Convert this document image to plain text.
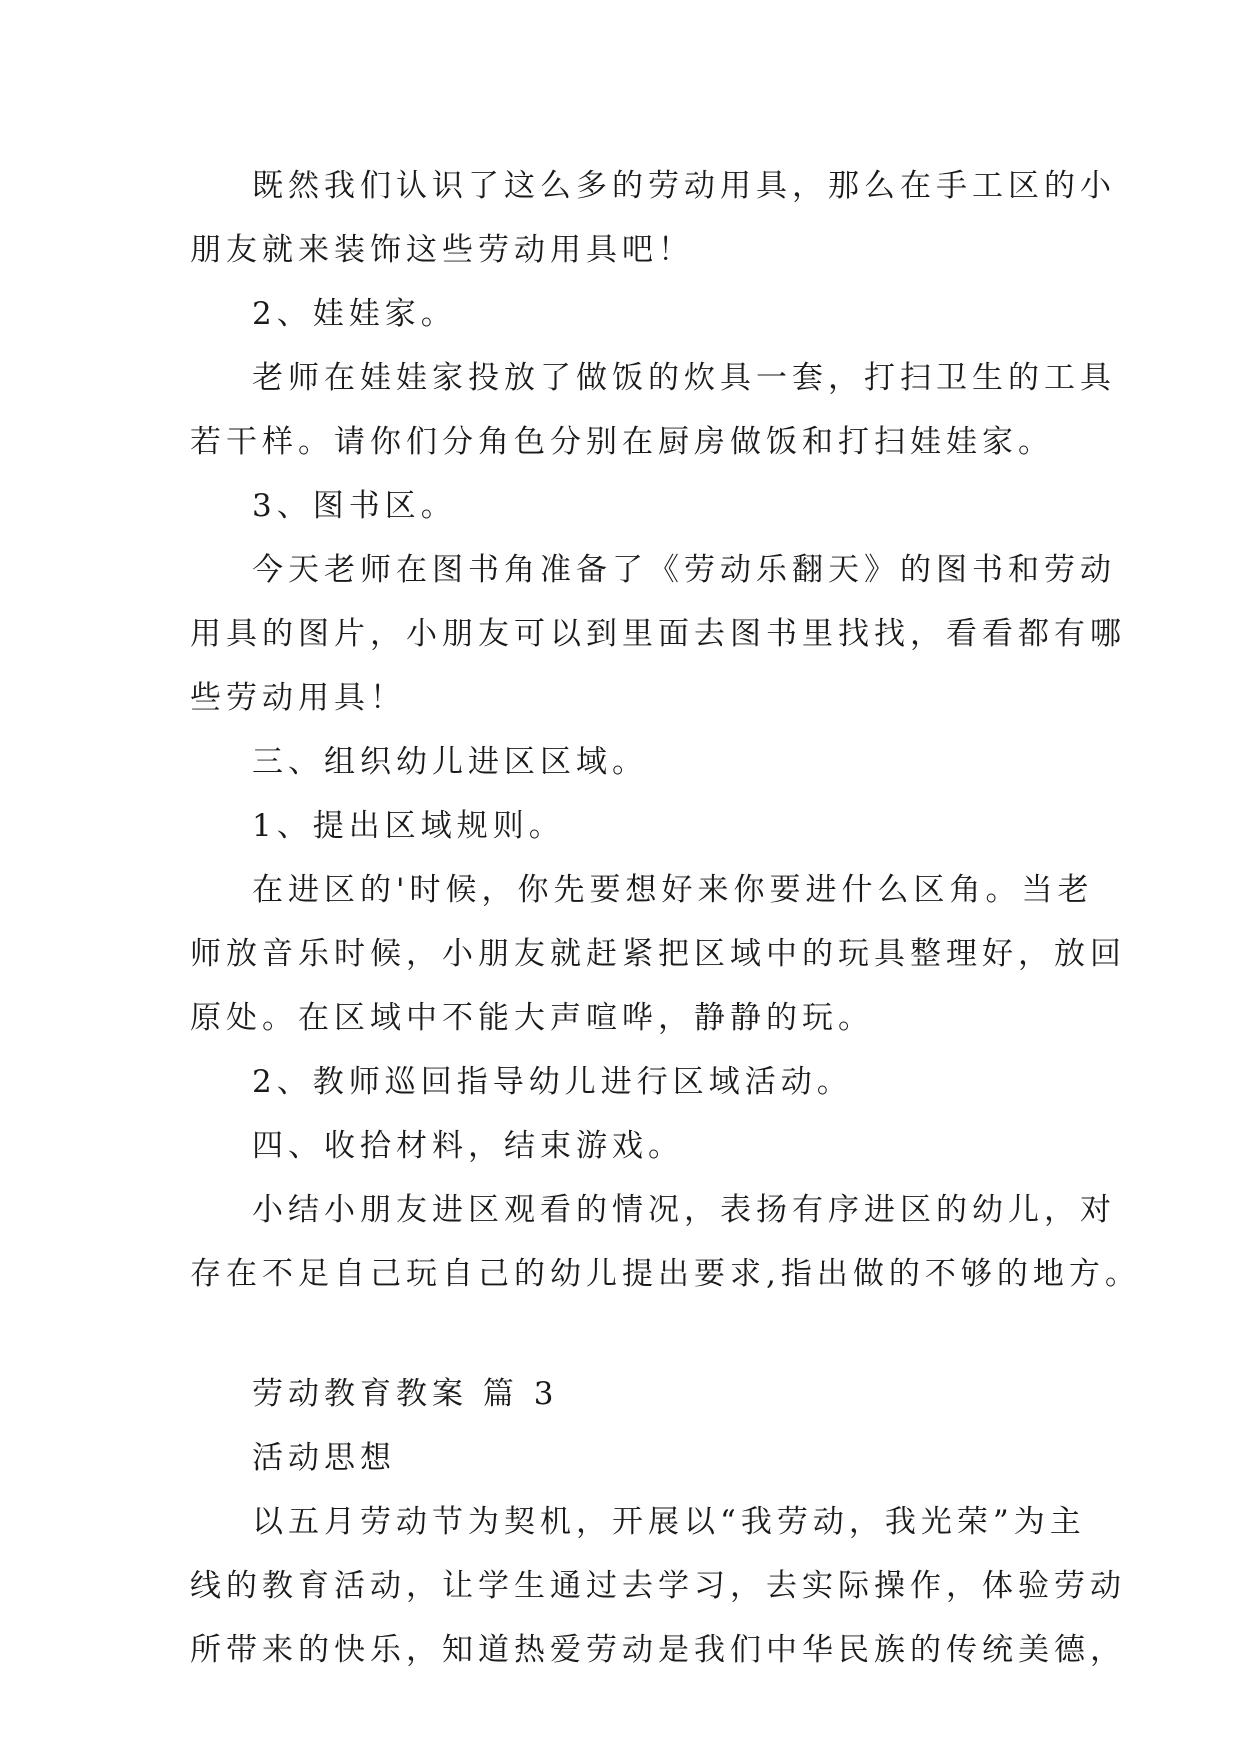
既然我们认识了这么多的劳动用具，那么在手工区的小
朋友就来装饰这些劳动用具吧！

2、娃娃家。

老师在娃娃家投放了做饭的炊具一套，打扫卫生的工具
若干样。请你们分角色分别在厨房做饭和打扫娃娃家。

3、图书区。

今天老师在图书角准备了《劳动乐翻天》的图书和劳动
用具的图片，小朋友可以到里面去图书里找找，看看都有哪
些劳动用具！

三、组织幼儿进区区域。

1、提出区域规则。

在进区的'时候，你先要想好来你要进什么区角。当老
师放音乐时候，小朋友就赶紧把区域中的玩具整理好，放回
原处。在区域中不能大声喧哗，静静的玩。

2、教师巡回指导幼儿进行区域活动。

四、收拾材料，结束游戏。

小结小朋友进区观看的情况，表扬有序进区的幼儿，对
存在不足自己玩自己的幼儿提出要求,指出做的不够的地方。

劳动教育教案 篇 3

活动思想

以五月劳动节为契机，开展以“我劳动，我光荣”为主
线的教育活动，让学生通过去学习，去实际操作，体验劳动
所带来的快乐，知道热爱劳动是我们中华民族的传统美德，
